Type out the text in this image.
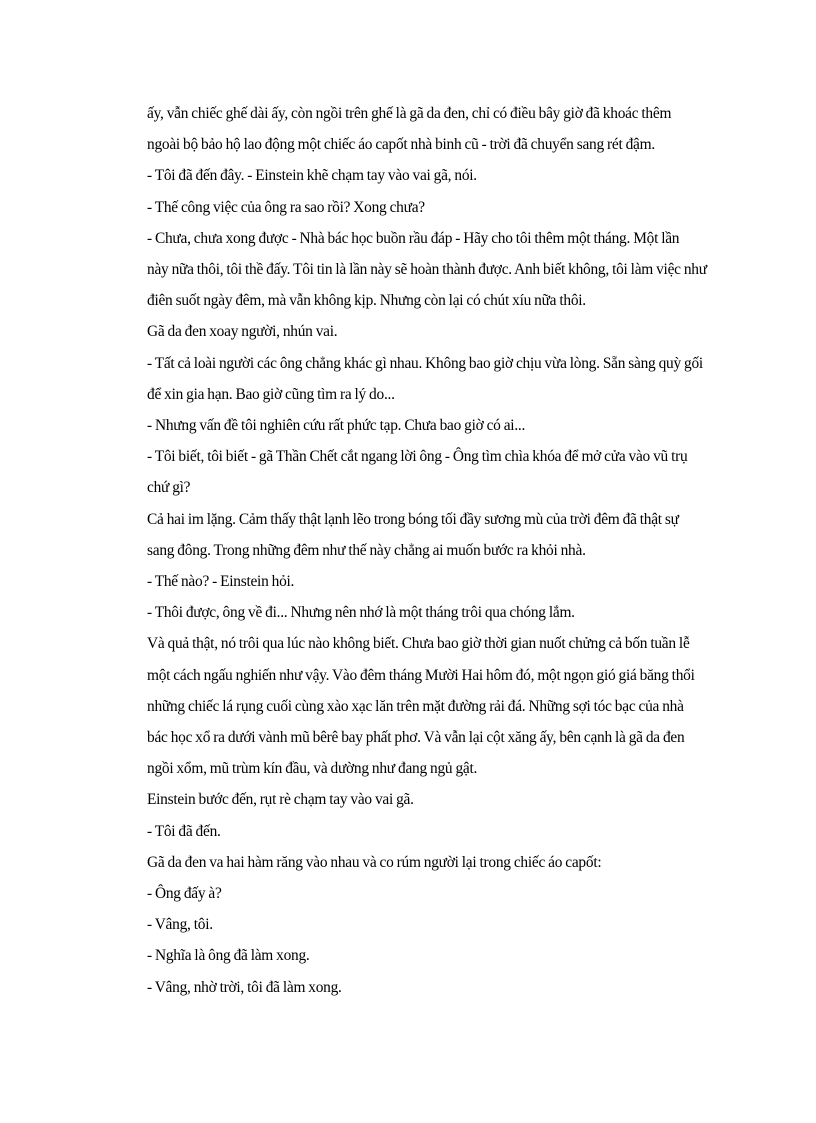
ấy, vẫn chiếc ghế dài ấy, còn ngồi trên ghế là gã da đen, chỉ có điều bây giờ đã khoác thêm

ngoài bộ bảo hộ lao động một chiếc áo capốt nhà binh cũ - trời đã chuyển sang rét đậm.

- Tôi đã đến đây. - Einstein khẽ chạm tay vào vai gã, nói.

- Thế công việc của ông ra sao rồi? Xong chưa?

- Chưa, chưa xong được - Nhà bác học buồn rầu đáp - Hãy cho tôi thêm một tháng. Một lần

này nữa thôi, tôi thề đấy. Tôi tin là lần này sẽ hoàn thành được. Anh biết không, tôi làm việc như

điên suốt ngày đêm, mà vẫn không kịp. Nhưng còn lại có chút xíu nữa thôi.

Gã da đen xoay người, nhún vai.

- Tất cả loài người các ông chẳng khác gì nhau. Không bao giờ chịu vừa lòng. Sẵn sàng quỳ gối

để xin gia hạn. Bao giờ cũng tìm ra lý do...

- Nhưng vấn đề tôi nghiên cứu rất phức tạp. Chưa bao giờ có ai...

- Tôi biết, tôi biết - gã Thần Chết cắt ngang lời ông - Ông tìm chìa khóa để mở cửa vào vũ trụ

chứ gì?

Cả hai im lặng. Cảm thấy thật lạnh lẽo trong bóng tối đầy sương mù của trời đêm đã thật sự

sang đông. Trong những đêm như thế này chẳng ai muốn bước ra khỏi nhà.

- Thế nào? - Einstein hỏi.

- Thôi được, ông về đi... Nhưng nên nhớ là một tháng trôi qua chóng lắm.

Và quả thật, nó trôi qua lúc nào không biết. Chưa bao giờ thời gian nuốt chửng cả bốn tuần lễ

một cách ngấu nghiến như vậy. Vào đêm tháng Mười Hai hôm đó, một ngọn gió giá băng thổi

những chiếc lá rụng cuối cùng xào xạc lăn trên mặt đường rải đá. Những sợi tóc bạc của nhà

bác học xổ ra dưới vành mũ bêrê bay phất phơ. Và vẫn lại cột xăng ấy, bên cạnh là gã da đen

ngồi xổm, mũ trùm kín đầu, và dường như đang ngủ gật.

Einstein bước đến, rụt rè chạm tay vào vai gã.

- Tôi đã đến.

Gã da đen va hai hàm răng vào nhau và co rúm người lại trong chiếc áo capốt:

- Ông đấy à?

- Vâng, tôi.

- Nghĩa là ông đã làm xong.

- Vâng, nhờ trời, tôi đã làm xong.
